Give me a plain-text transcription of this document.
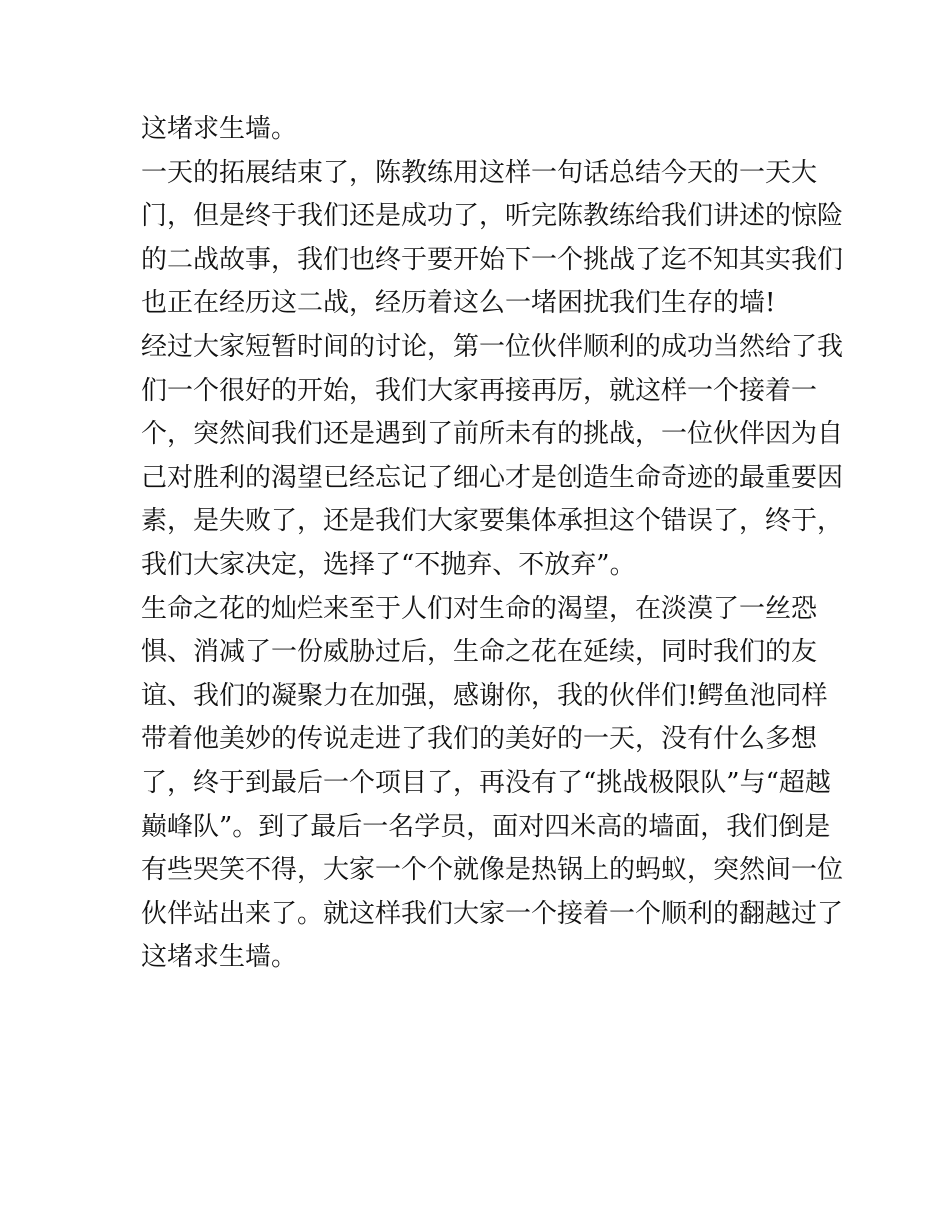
这堵求生墙。
一天的拓展结束了，陈教练用这样一句话总结今天的一天大
门，但是终于我们还是成功了，听完陈教练给我们讲述的惊险
的二战故事，我们也终于要开始下一个挑战了迄不知其实我们
也正在经历这二战，经历着这么一堵困扰我们生存的墙!
经过大家短暂时间的讨论，第一位伙伴顺利的成功当然给了我
们一个很好的开始，我们大家再接再厉，就这样一个接着一
个，突然间我们还是遇到了前所未有的挑战，一位伙伴因为自
己对胜利的渴望已经忘记了细心才是创造生命奇迹的最重要因
素，是失败了，还是我们大家要集体承担这个错误了，终于，
我们大家决定，选择了“不抛弃、不放弃”。
生命之花的灿烂来至于人们对生命的渴望，在淡漠了一丝恐
惧、消减了一份威胁过后，生命之花在延续，同时我们的友
谊、我们的凝聚力在加强，感谢你，我的伙伴们!鳄鱼池同样
带着他美妙的传说走进了我们的美好的一天，没有什么多想
了，终于到最后一个项目了，再没有了“挑战极限队”与“超越
巅峰队”。到了最后一名学员，面对四米高的墙面，我们倒是
有些哭笑不得，大家一个个就像是热锅上的蚂蚁，突然间一位
伙伴站出来了。就这样我们大家一个接着一个顺利的翻越过了
这堵求生墙。
